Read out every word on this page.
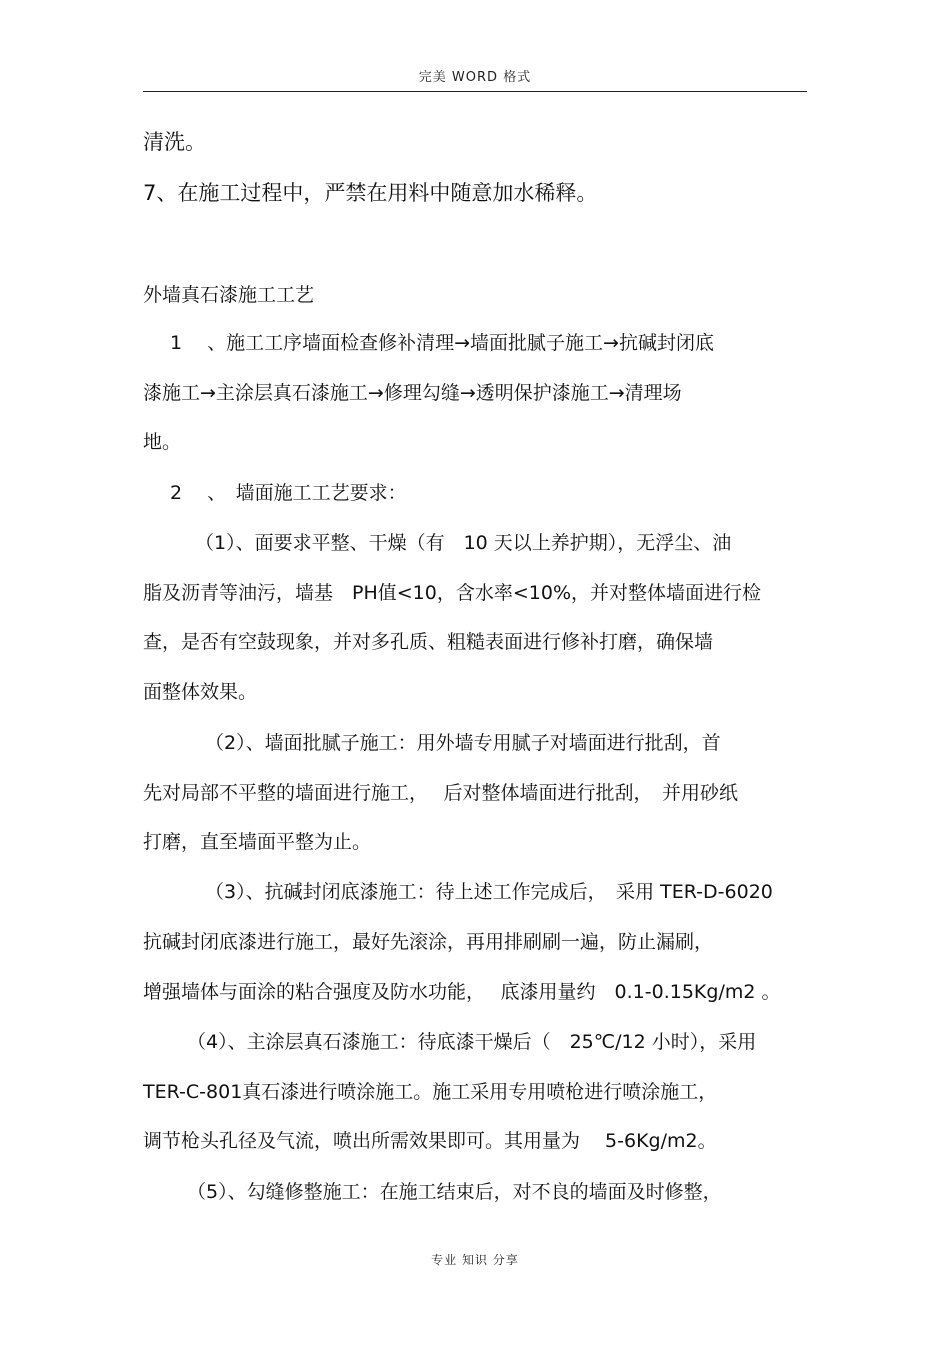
完美 WORD 格式
清洗。
7、在施工过程中，严禁在用料中随意加水稀释。
外墙真石漆施工工艺
1　 、施工工序墙面检查修补清理→墙面批腻子施工→抗碱封闭底
漆施工→主涂层真石漆施工→修理勾缝→透明保护漆施工→清理场
地。
2　 、　墙面施工工艺要求：
（1）、面要求平整、干燥（有　10 天以上养护期），无浮尘、油
脂及沥青等油污，墙基　PH值<10，含水率<10%，并对整体墙面进行检
查，是否有空鼓现象，并对多孔质、粗糙表面进行修补打磨，确保墙
面整体效果。
（2）、墙面批腻子施工：用外墙专用腻子对墙面进行批刮，首
先对局部不平整的墙面进行施工，　 后对整体墙面进行批刮，　并用砂纸
打磨，直至墙面平整为止。
（3）、抗碱封闭底漆施工：待上述工作完成后，　采用 TER-D-6020
抗碱封闭底漆进行施工，最好先滚涂，再用排刷刷一遍，防止漏刷，
增强墙体与面涂的粘合强度及防水功能，　 底漆用量约　0.1-0.15Kg/m2 。
（4）、主涂层真石漆施工：待底漆干燥后（　25℃/12 小时），采用
TER-C-801真石漆进行喷涂施工。施工采用专用喷枪进行喷涂施工，
调节枪头孔径及气流，喷出所需效果即可。其用量为　 5-6Kg/m2。
（5）、勾缝修整施工：在施工结束后，对不良的墙面及时修整，
专业 知识 分享
